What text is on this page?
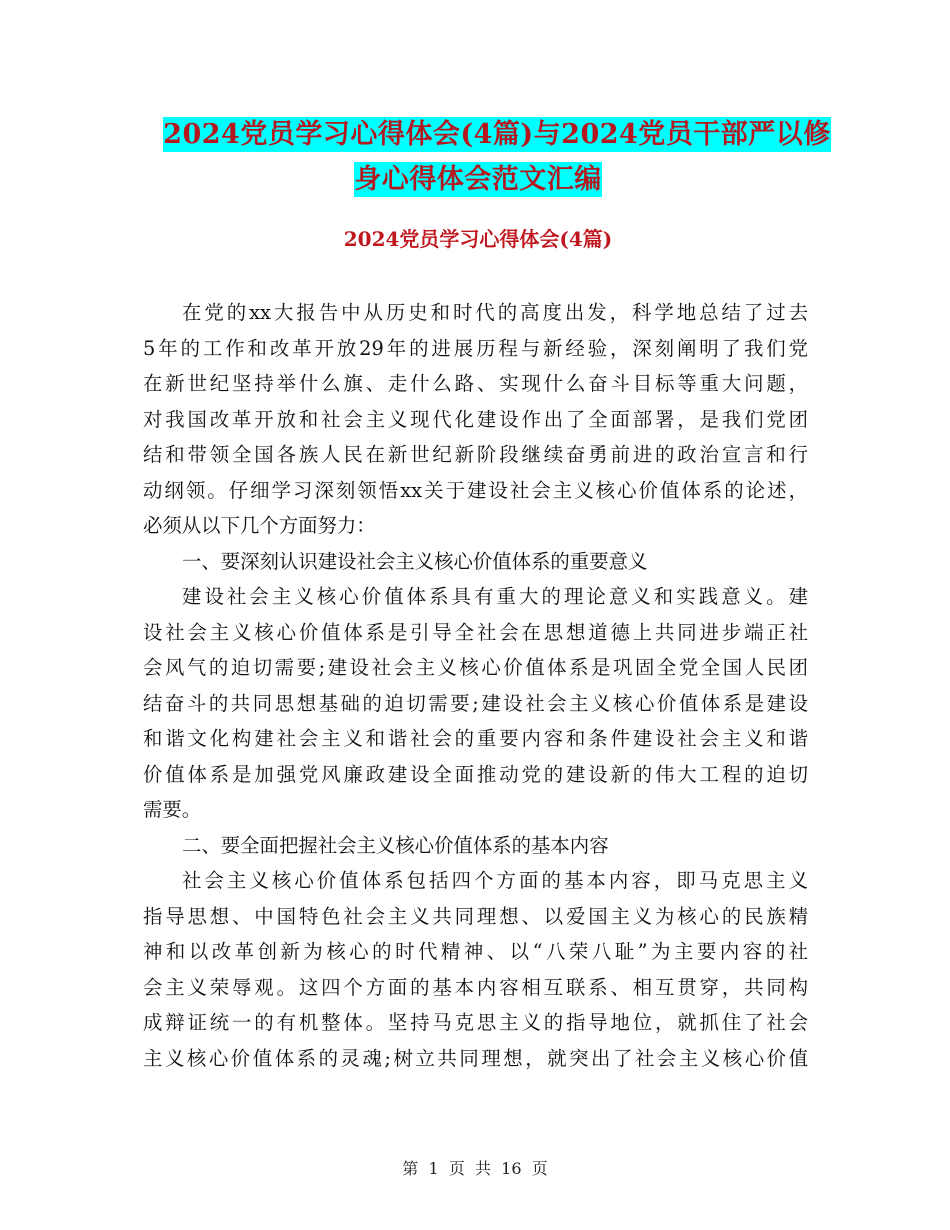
2024党员学习心得体会(4篇)与2024党员干部严以修
身心得体会范文汇编
2024党员学习心得体会(4篇)
在党的xx大报告中从历史和时代的高度出发，科学地总结了过去
5年的工作和改革开放29年的进展历程与新经验，深刻阐明了我们党
在新世纪坚持举什么旗、走什么路、实现什么奋斗目标等重大问题，
对我国改革开放和社会主义现代化建设作出了全面部署，是我们党团
结和带领全国各族人民在新世纪新阶段继续奋勇前进的政治宣言和行
动纲领。仔细学习深刻领悟xx关于建设社会主义核心价值体系的论述，
必须从以下几个方面努力：
一、要深刻认识建设社会主义核心价值体系的重要意义
建设社会主义核心价值体系具有重大的理论意义和实践意义。建
设社会主义核心价值体系是引导全社会在思想道德上共同进步端正社
会风气的迫切需要;建设社会主义核心价值体系是巩固全党全国人民团
结奋斗的共同思想基础的迫切需要;建设社会主义核心价值体系是建设
和谐文化构建社会主义和谐社会的重要内容和条件建设社会主义和谐
价值体系是加强党风廉政建设全面推动党的建设新的伟大工程的迫切
需要。
二、要全面把握社会主义核心价值体系的基本内容
社会主义核心价值体系包括四个方面的基本内容，即马克思主义
指导思想、中国特色社会主义共同理想、以爱国主义为核心的民族精
神和以改革创新为核心的时代精神、以“八荣八耻”为主要内容的社
会主义荣辱观。这四个方面的基本内容相互联系、相互贯穿，共同构
成辩证统一的有机整体。坚持马克思主义的指导地位，就抓住了社会
主义核心价值体系的灵魂;树立共同理想，就突出了社会主义核心价值
第  1  页  共  16  页
